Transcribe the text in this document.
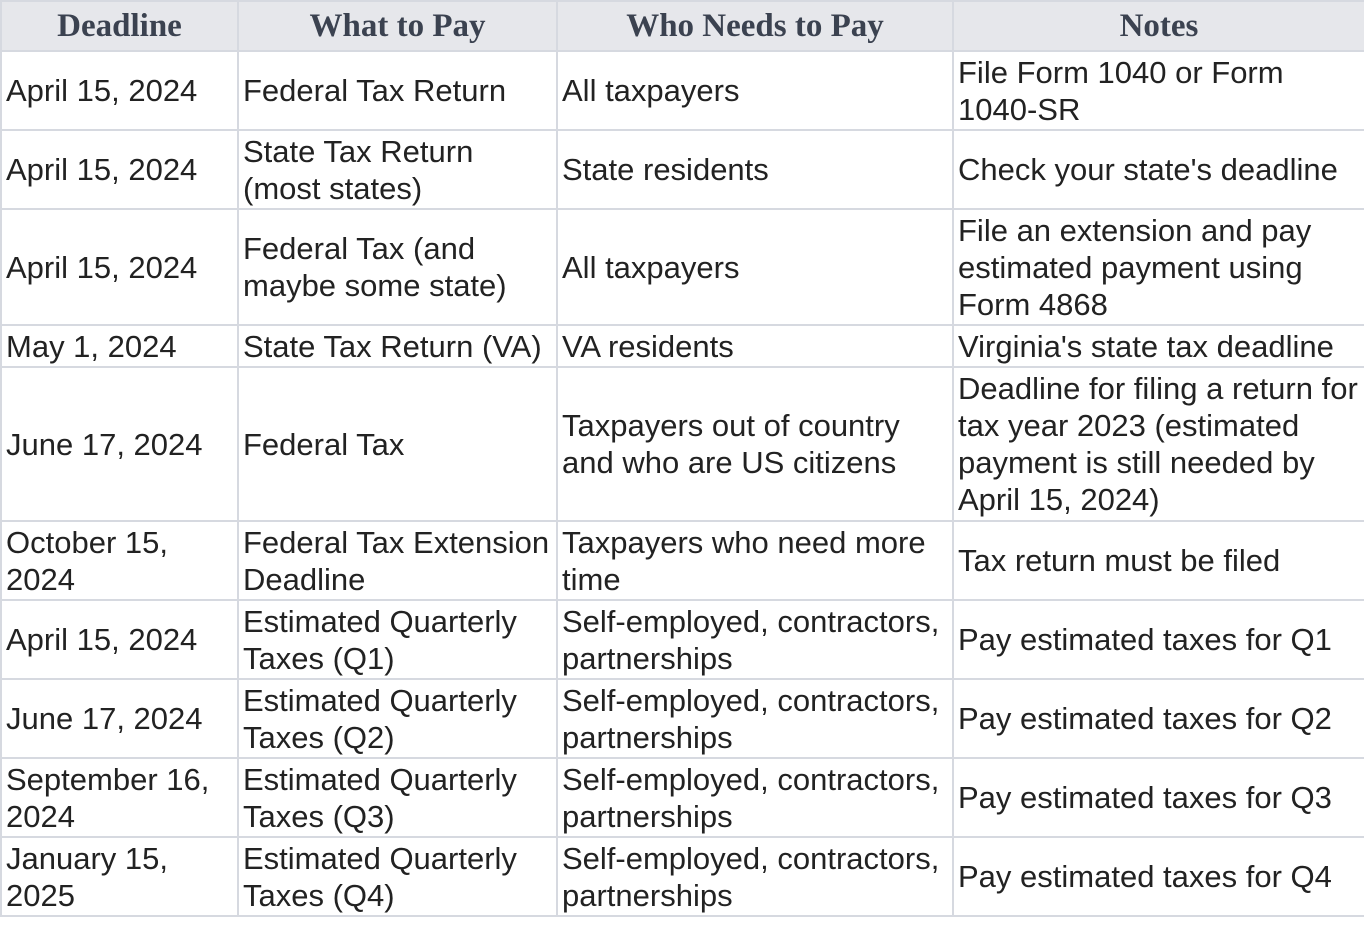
Deadline	What to Pay	Who Needs to Pay	Notes
April 15, 2024	Federal Tax Return	All taxpayers	File Form 1040 or Form 1040-SR
April 15, 2024	State Tax Return (most states)	State residents	Check your state's deadline
April 15, 2024	Federal Tax (and maybe some state)	All taxpayers	File an extension and pay estimated payment using Form 4868
May 1, 2024	State Tax Return (VA)	VA residents	Virginia's state tax deadline
June 17, 2024	Federal Tax	Taxpayers out of country and who are US citizens	Deadline for filing a return for tax year 2023 (estimated payment is still needed by April 15, 2024)
October 15, 2024	Federal Tax Extension Deadline	Taxpayers who need more time	Tax return must be filed
April 15, 2024	Estimated Quarterly Taxes (Q1)	Self-employed, contractors, partnerships	Pay estimated taxes for Q1
June 17, 2024	Estimated Quarterly Taxes (Q2)	Self-employed, contractors, partnerships	Pay estimated taxes for Q2
September 16, 2024	Estimated Quarterly Taxes (Q3)	Self-employed, contractors, partnerships	Pay estimated taxes for Q3
January 15, 2025	Estimated Quarterly Taxes (Q4)	Self-employed, contractors, partnerships	Pay estimated taxes for Q4
